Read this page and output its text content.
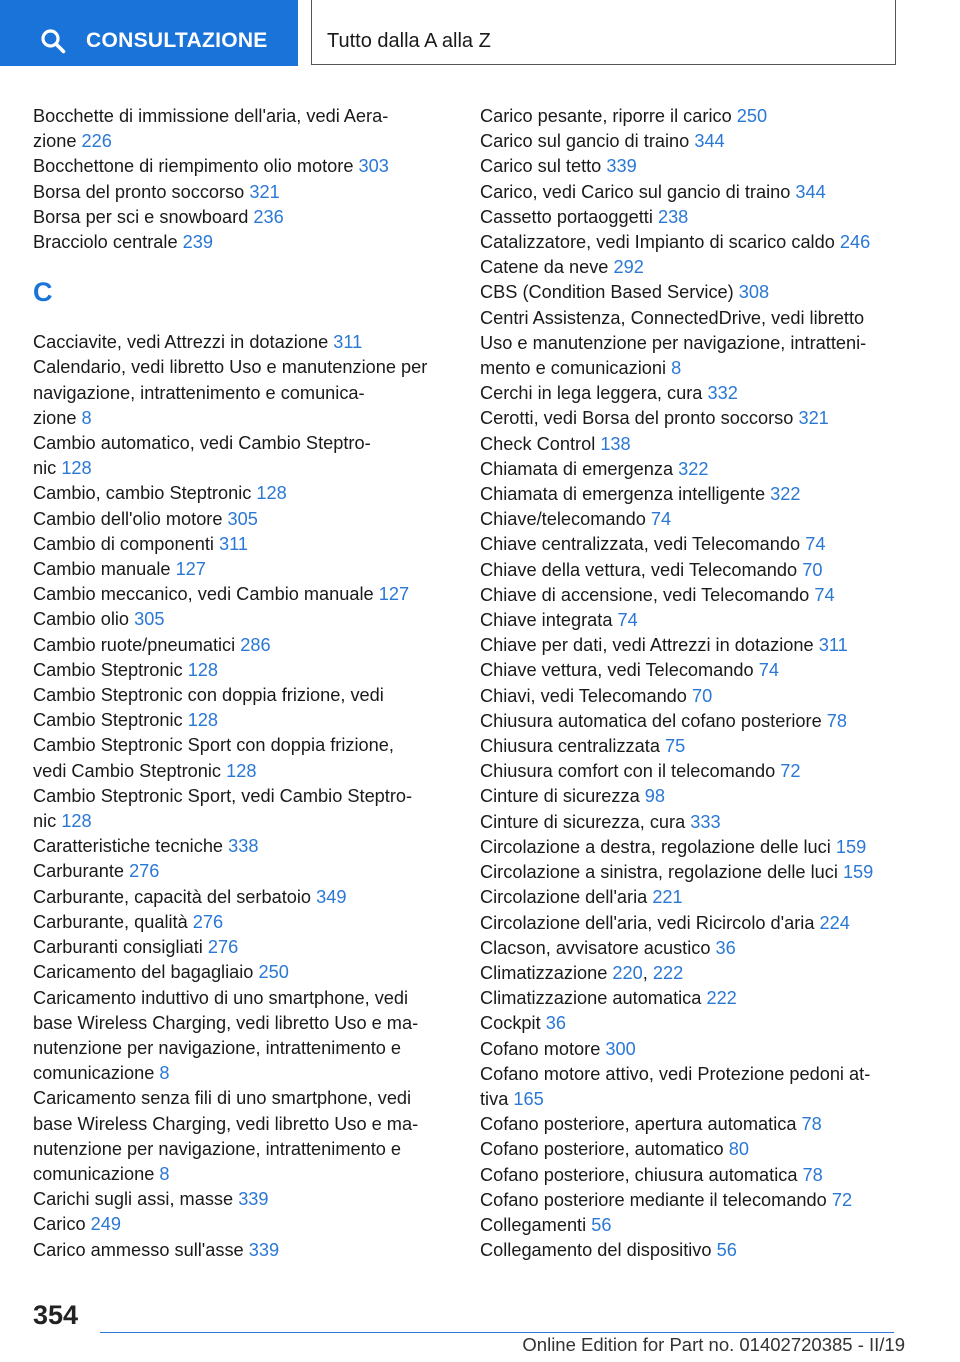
CONSULTAZIONE	Tutto dalla A alla Z
Bocchette di immissione dell'aria, vedi Aera-
zione 226
Bocchettone di riempimento olio motore 303
Borsa del pronto soccorso 321
Borsa per sci e snowboard 236
Bracciolo centrale 239
C
Cacciavite, vedi Attrezzi in dotazione 311
Calendario, vedi libretto Uso e manutenzione per
navigazione, intrattenimento e comunica-
zione 8
Cambio automatico, vedi Cambio Steptro-
nic 128
Cambio, cambio Steptronic 128
Cambio dell'olio motore 305
Cambio di componenti 311
Cambio manuale 127
Cambio meccanico, vedi Cambio manuale 127
Cambio olio 305
Cambio ruote/pneumatici 286
Cambio Steptronic 128
Cambio Steptronic con doppia frizione, vedi
Cambio Steptronic 128
Cambio Steptronic Sport con doppia frizione,
vedi Cambio Steptronic 128
Cambio Steptronic Sport, vedi Cambio Steptro-
nic 128
Caratteristiche tecniche 338
Carburante 276
Carburante, capacità del serbatoio 349
Carburante, qualità 276
Carburanti consigliati 276
Caricamento del bagagliaio 250
Caricamento induttivo di uno smartphone, vedi
base Wireless Charging, vedi libretto Uso e ma-
nutenzione per navigazione, intrattenimento e
comunicazione 8
Caricamento senza fili di uno smartphone, vedi
base Wireless Charging, vedi libretto Uso e ma-
nutenzione per navigazione, intrattenimento e
comunicazione 8
Carichi sugli assi, masse 339
Carico 249
Carico ammesso sull'asse 339
Carico pesante, riporre il carico 250
Carico sul gancio di traino 344
Carico sul tetto 339
Carico, vedi Carico sul gancio di traino 344
Cassetto portaoggetti 238
Catalizzatore, vedi Impianto di scarico caldo 246
Catene da neve 292
CBS (Condition Based Service) 308
Centri Assistenza, ConnectedDrive, vedi libretto
Uso e manutenzione per navigazione, intratteni-
mento e comunicazioni 8
Cerchi in lega leggera, cura 332
Cerotti, vedi Borsa del pronto soccorso 321
Check Control 138
Chiamata di emergenza 322
Chiamata di emergenza intelligente 322
Chiave/telecomando 74
Chiave centralizzata, vedi Telecomando 74
Chiave della vettura, vedi Telecomando 70
Chiave di accensione, vedi Telecomando 74
Chiave integrata 74
Chiave per dati, vedi Attrezzi in dotazione 311
Chiave vettura, vedi Telecomando 74
Chiavi, vedi Telecomando 70
Chiusura automatica del cofano posteriore 78
Chiusura centralizzata 75
Chiusura comfort con il telecomando 72
Cinture di sicurezza 98
Cinture di sicurezza, cura 333
Circolazione a destra, regolazione delle luci 159
Circolazione a sinistra, regolazione delle luci 159
Circolazione dell'aria 221
Circolazione dell'aria, vedi Ricircolo d'aria 224
Clacson, avvisatore acustico 36
Climatizzazione 220, 222
Climatizzazione automatica 222
Cockpit 36
Cofano motore 300
Cofano motore attivo, vedi Protezione pedoni at-
tiva 165
Cofano posteriore, apertura automatica 78
Cofano posteriore, automatico 80
Cofano posteriore, chiusura automatica 78
Cofano posteriore mediante il telecomando 72
Collegamenti 56
Collegamento del dispositivo 56
354
Online Edition for Part no. 01402720385 - II/19
